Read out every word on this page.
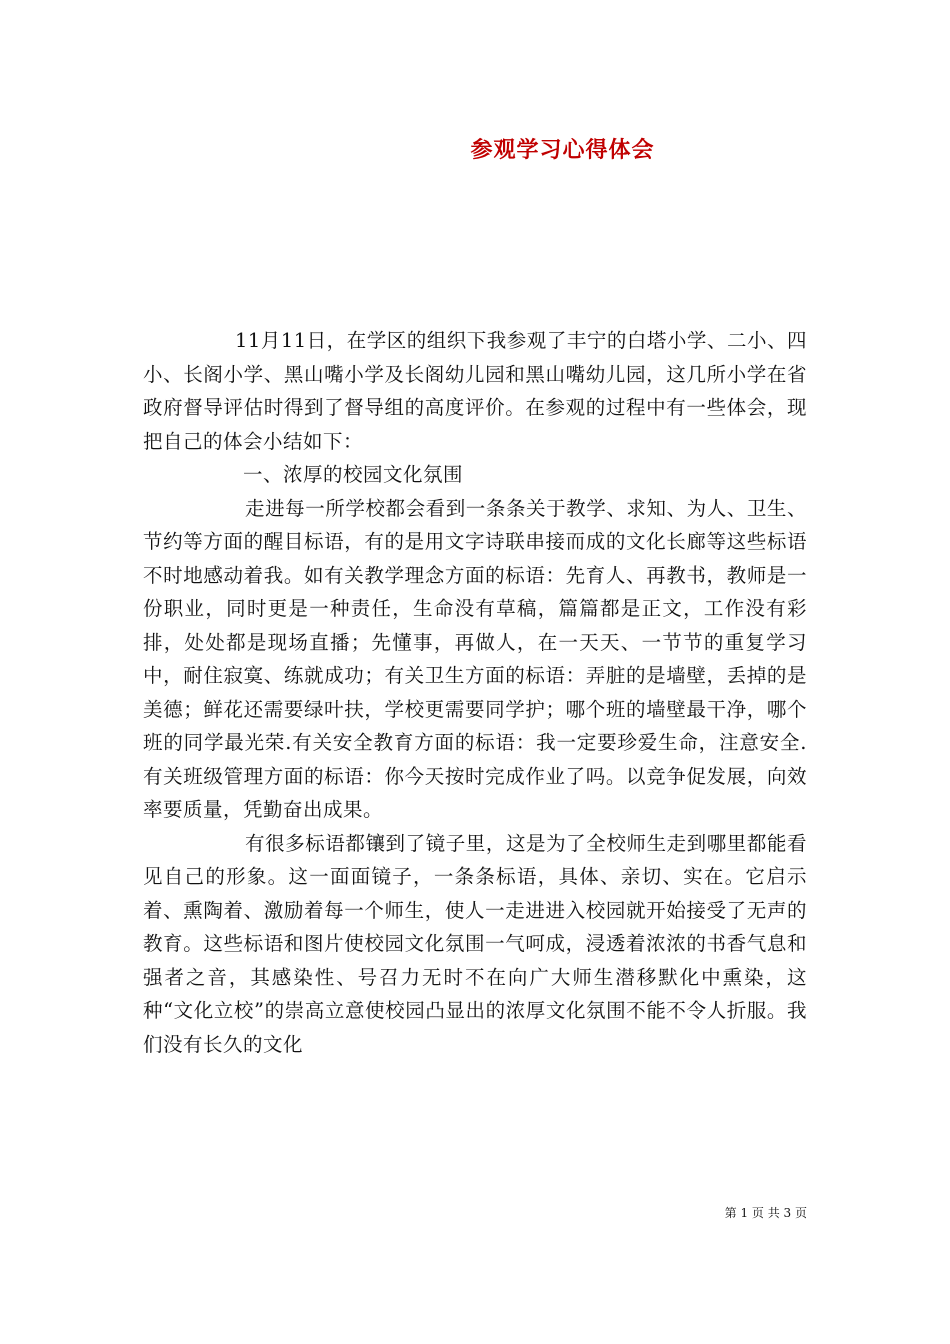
参观学习心得体会

11月11日，在学区的组织下我参观了丰宁的白塔小学、二小、四小、长阁小学、黑山嘴小学及长阁幼儿园和黑山嘴幼儿园，这几所小学在省政府督导评估时得到了督导组的高度评价。在参观的过程中有一些体会，现把自己的体会小结如下：

一、浓厚的校园文化氛围

走进每一所学校都会看到一条条关于教学、求知、为人、卫生、节约等方面的醒目标语，有的是用文字诗联串接而成的文化长廊等这些标语不时地感动着我。如有关教学理念方面的标语：先育人、再教书，教师是一份职业，同时更是一种责任，生命没有草稿，篇篇都是正文，工作没有彩排，处处都是现场直播；先懂事，再做人，在一天天、一节节的重复学习中，耐住寂寞、练就成功；有关卫生方面的标语：弄脏的是墙壁，丢掉的是美德；鲜花还需要绿叶扶，学校更需要同学护；哪个班的墙壁最干净，哪个班的同学最光荣.有关安全教育方面的标语：我一定要珍爱生命，注意安全.有关班级管理方面的标语：你今天按时完成作业了吗。以竞争促发展，向效率要质量，凭勤奋出成果。

有很多标语都镶到了镜子里，这是为了全校师生走到哪里都能看见自己的形象。这一面面镜子，一条条标语，具体、亲切、实在。它启示着、熏陶着、激励着每一个师生，使人一走进进入校园就开始接受了无声的教育。这些标语和图片使校园文化氛围一气呵成，浸透着浓浓的书香气息和强者之音，其感染性、号召力无时不在向广大师生潜移默化中熏染，这种“文化立校”的崇高立意使校园凸显出的浓厚文化氛围不能不令人折服。我们没有长久的文化

第 1 页 共 3 页
